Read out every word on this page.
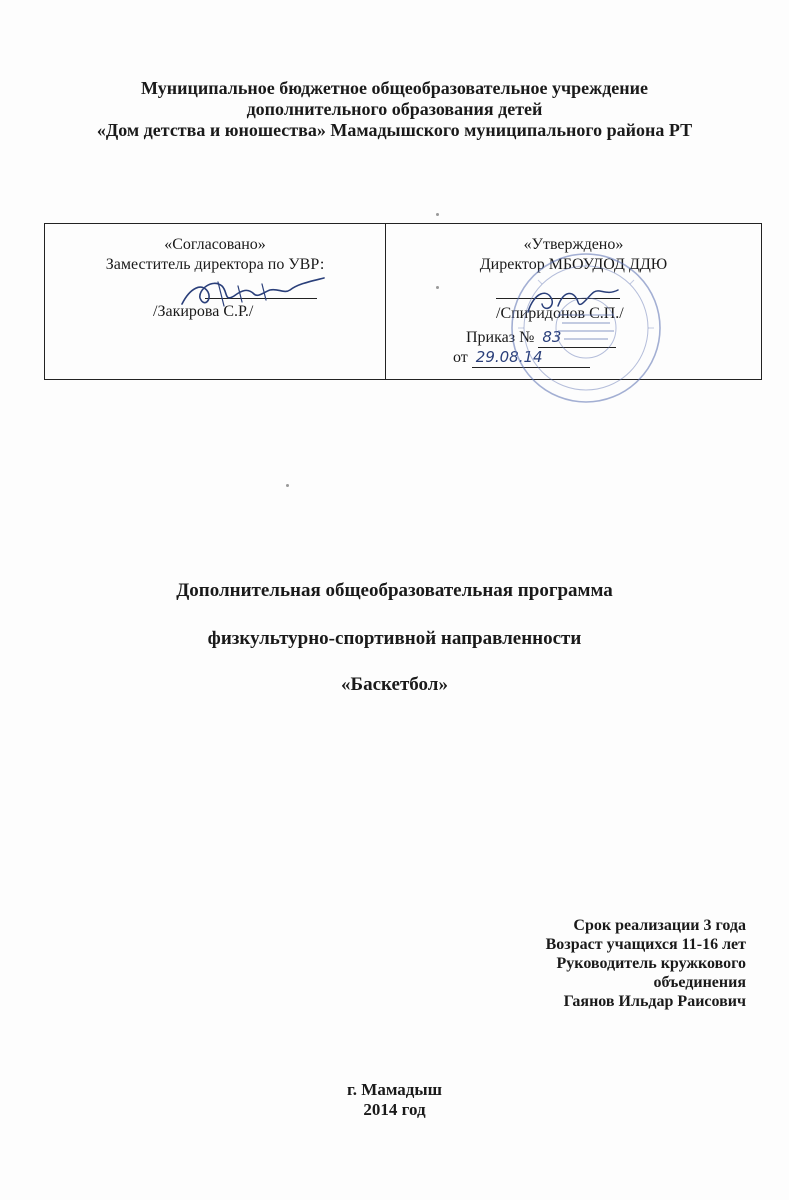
Муниципальное бюджетное общеобразовательное учреждение
дополнительного образования детей
«Дом детства и юношества» Мамадышского муниципального района РТ
«Согласовано»
Заместитель директора по УВР:
/Закирова С.Р./
«Утверждено»
Директор МБОУДОД ДДЮ
/Спиридонов С.П./
Приказ № 83
от 29.08.14
Дополнительная общеобразовательная программа
физкультурно-спортивной направленности
«Баскетбол»
Срок реализации 3 года
Возраст учащихся 11-16 лет
Руководитель кружкового
объединения
Гаянов Ильдар Раисович
г. Мамадыш
2014 год
